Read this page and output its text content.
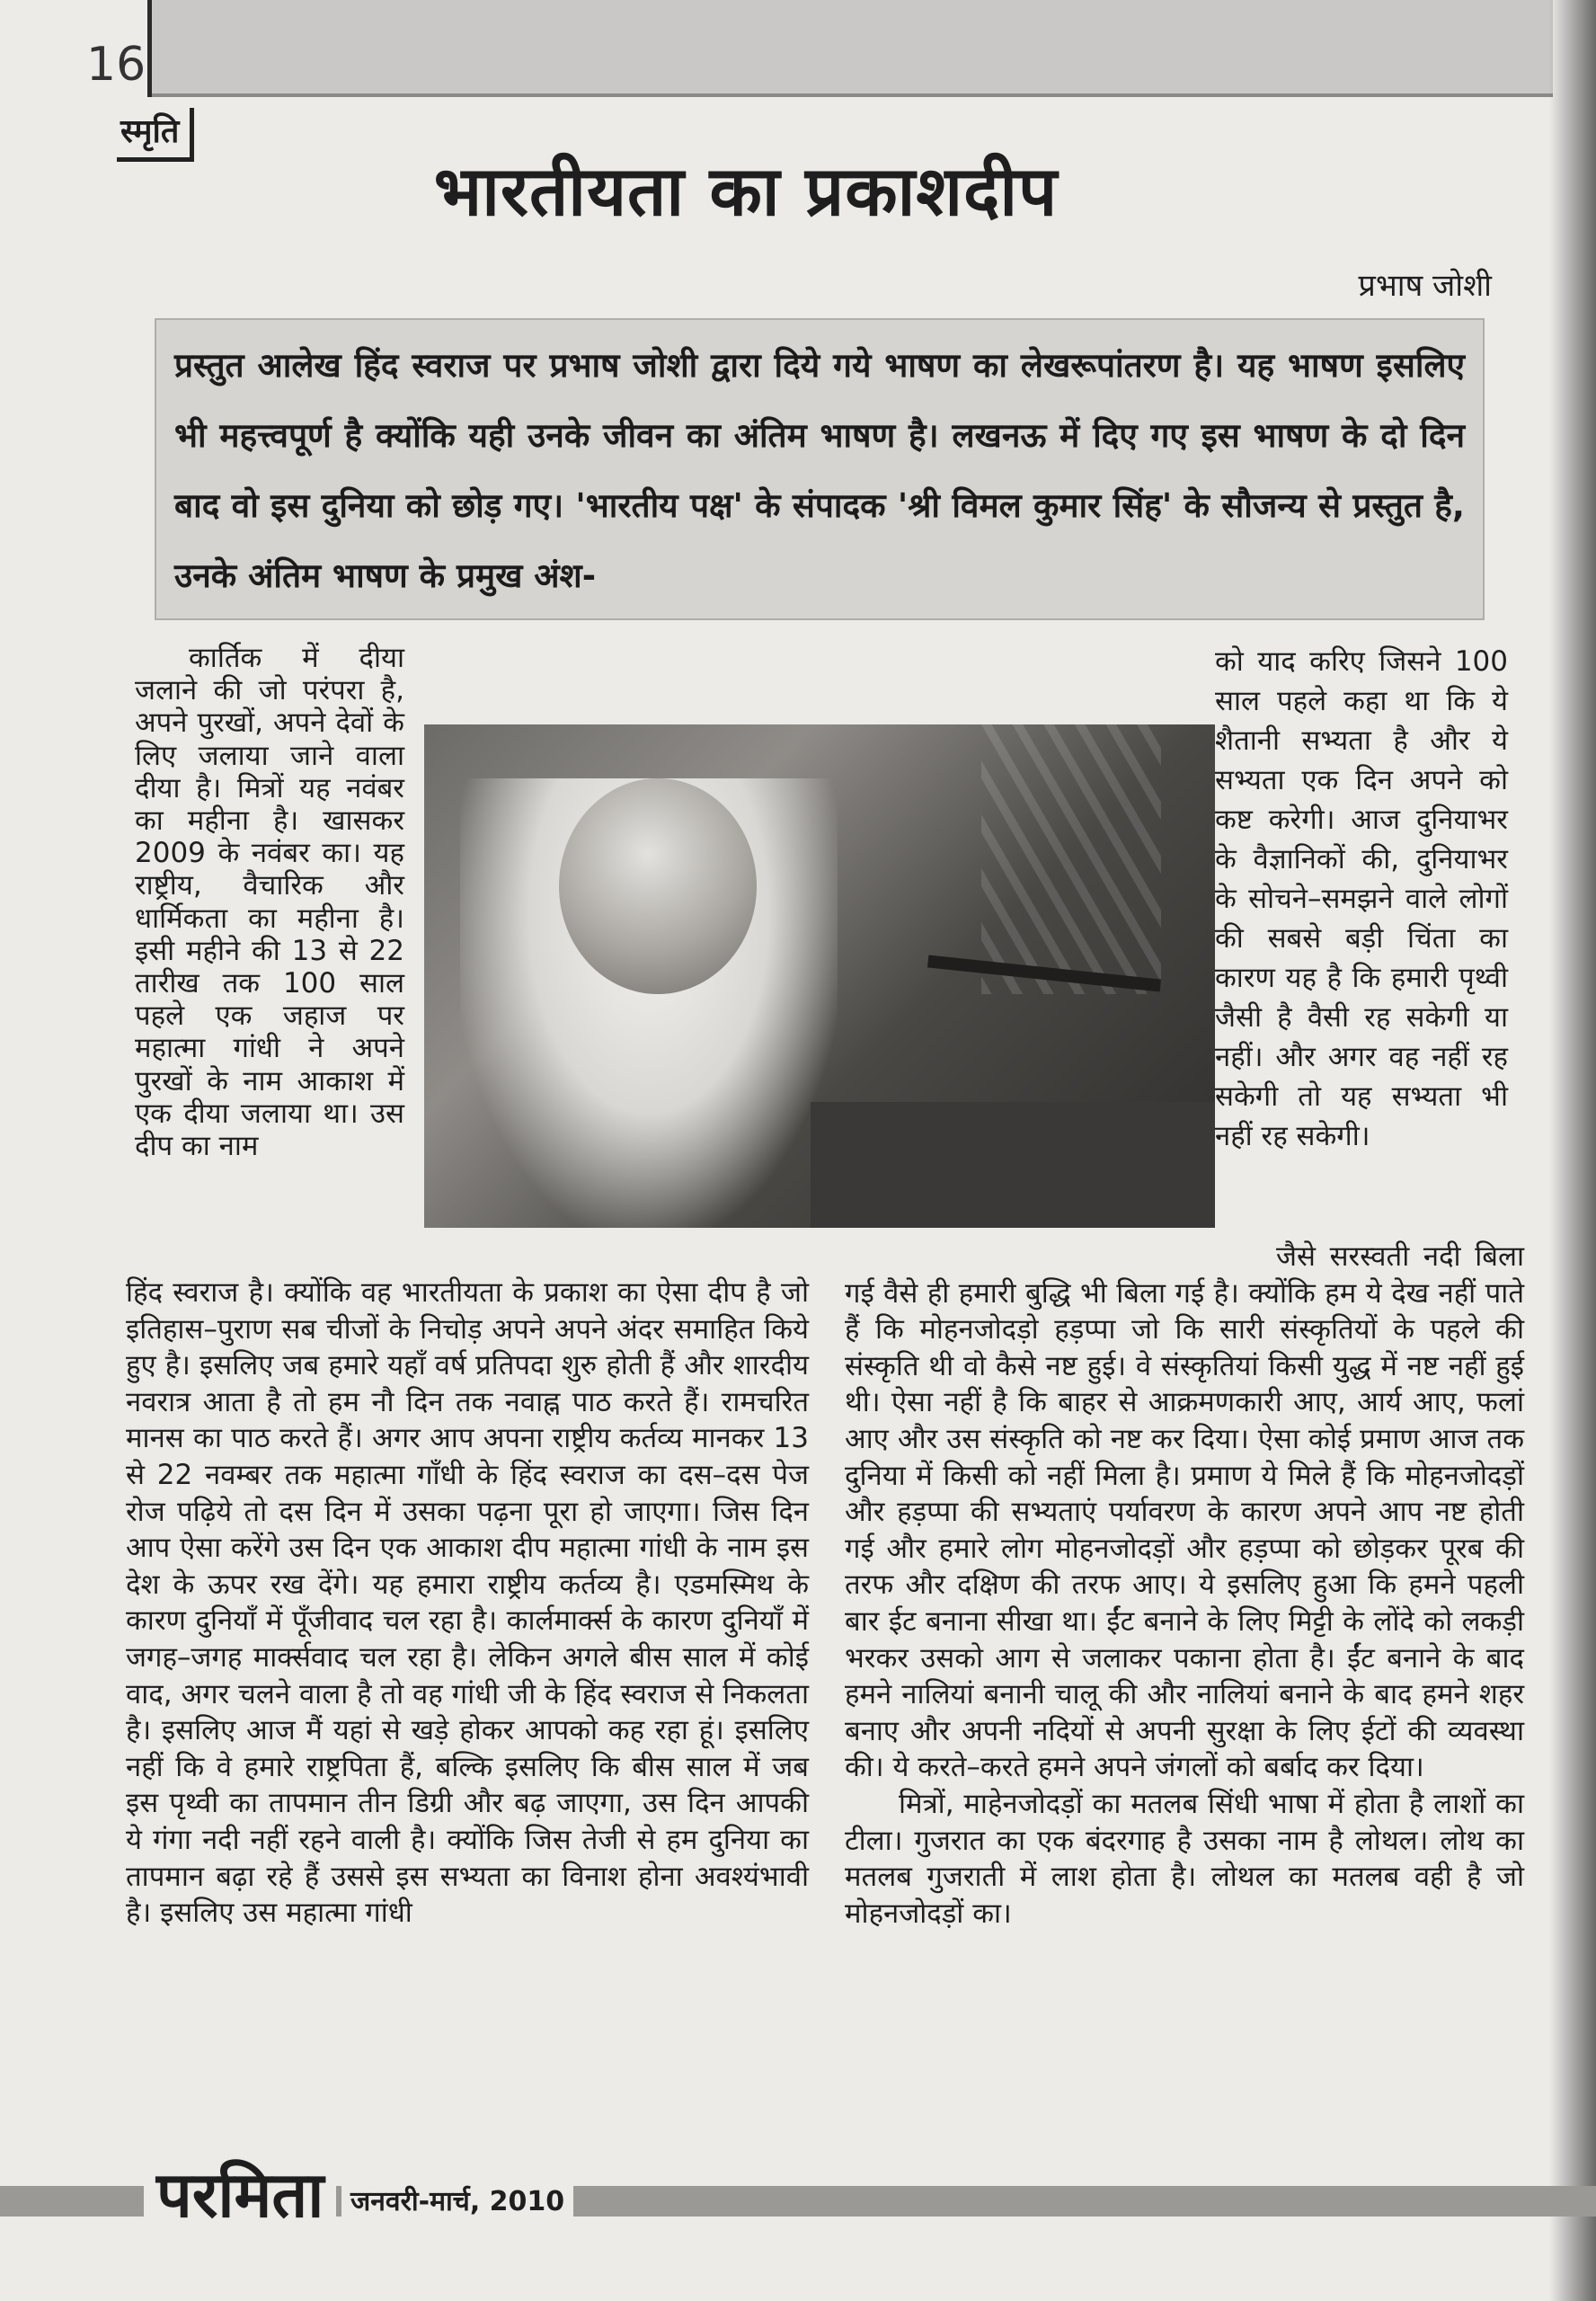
16
स्मृति
भारतीयता का प्रकाशदीप
प्रभाष जोशी
प्रस्तुत आलेख हिंद स्वराज पर प्रभाष जोशी द्वारा दिये गये भाषण का लेखरूपांतरण है। यह भाषण इसलिए भी महत्त्वपूर्ण है क्योंकि यही उनके जीवन का अंतिम भाषण है। लखनऊ में दिए गए इस भाषण के दो दिन बाद वो इस दुनिया को छोड़ गए। 'भारतीय पक्ष' के संपादक 'श्री विमल कुमार सिंह' के सौजन्य से प्रस्तुत है, उनके अंतिम भाषण के प्रमुख अंश-

कार्तिक में दीया जलाने की जो परंपरा है, अपने पुरखों, अपने देवों के लिए जलाया जाने वाला दीया है। मित्रों यह नवंबर का महीना है। खासकर 2009 के नवंबर का। यह राष्ट्रीय, वैचारिक और धार्मिकता का महीना है। इसी महीने की 13 से 22 तारीख तक 100 साल पहले एक जहाज पर महात्मा गांधी ने अपने पुरखों के नाम आकाश में एक दीया जलाया था। उस दीप का नाम

को याद करिए जिसने 100 साल पहले कहा था कि ये शैतानी सभ्यता है और ये सभ्यता एक दिन अपने को कष्ट करेगी। आज दुनियाभर के वैज्ञानिकों की, दुनियाभर के सोचने–समझने वाले लोगों की सबसे बड़ी चिंता का कारण यह है कि हमारी पृथ्वी जैसी है वैसी रह सकेगी या नहीं। और अगर वह नहीं रह सकेगी तो यह सभ्यता भी नहीं रह सकेगी।

हिंद स्वराज है। क्योंकि वह भारतीयता के प्रकाश का ऐसा दीप है जो इतिहास–पुराण सब चीजों के निचोड़ अपने अपने अंदर समाहित किये हुए है। इसलिए जब हमारे यहाँ वर्ष प्रतिपदा शुरु होती हैं और शारदीय नवरात्र आता है तो हम नौ दिन तक नवाह्न पाठ करते हैं। रामचरित मानस का पाठ करते हैं। अगर आप अपना राष्ट्रीय कर्तव्य मानकर 13 से 22 नवम्बर तक महात्मा गाँधी के हिंद स्वराज का दस–दस पेज रोज पढ़िये तो दस दिन में उसका पढ़ना पूरा हो जाएगा। जिस दिन आप ऐसा करेंगे उस दिन एक आकाश दीप महात्मा गांधी के नाम इस देश के ऊपर रख देंगे। यह हमारा राष्ट्रीय कर्तव्य है। एडमस्मिथ के कारण दुनियाँ में पूँजीवाद चल रहा है। कार्लमार्क्स के कारण दुनियाँ में जगह–जगह मार्क्सवाद चल रहा है। लेकिन अगले बीस साल में कोई वाद, अगर चलने वाला है तो वह गांधी जी के हिंद स्वराज से निकलता है। इसलिए आज मैं यहां से खड़े होकर आपको कह रहा हूं। इसलिए नहीं कि वे हमारे राष्ट्रपिता हैं, बल्कि इसलिए कि बीस साल में जब इस पृथ्वी का तापमान तीन डिग्री और बढ़ जाएगा, उस दिन आपकी ये गंगा नदी नहीं रहने वाली है। क्योंकि जिस तेजी से हम दुनिया का तापमान बढ़ा रहे हैं उससे इस सभ्यता का विनाश होना अवश्यंभावी है। इसलिए उस महात्मा गांधी

जैसे सरस्वती नदी बिला गई वैसे ही हमारी बुद्धि भी बिला गई है। क्योंकि हम ये देख नहीं पाते हैं कि मोहनजोदड़ो हड़प्पा जो कि सारी संस्कृतियों के पहले की संस्कृति थी वो कैसे नष्ट हुई। वे संस्कृतियां किसी युद्ध में नष्ट नहीं हुई थी। ऐसा नहीं है कि बाहर से आक्रमणकारी आए, आर्य आए, फलां आए और उस संस्कृति को नष्ट कर दिया। ऐसा कोई प्रमाण आज तक दुनिया में किसी को नहीं मिला है। प्रमाण ये मिले हैं कि मोहनजोदड़ों और हड़प्पा की सभ्यताएं पर्यावरण के कारण अपने आप नष्ट होती गई और हमारे लोग मोहनजोदड़ों और हड़प्पा को छोड़कर पूरब की तरफ और दक्षिण की तरफ आए। ये इसलिए हुआ कि हमने पहली बार ईट बनाना सीखा था। ईंट बनाने के लिए मिट्टी के लोंदे को लकड़ी भरकर उसको आग से जलाकर पकाना होता है। ईंट बनाने के बाद हमने नालियां बनानी चालू की और नालियां बनाने के बाद हमने शहर बनाए और अपनी नदियों से अपनी सुरक्षा के लिए ईटों की व्यवस्था की। ये करते–करते हमने अपने जंगलों को बर्बाद कर दिया।

मित्रों, माहेनजोदड़ों का मतलब सिंधी भाषा में होता है लाशों का टीला। गुजरात का एक बंदरगाह है उसका नाम है लोथल। लोथ का मतलब गुजराती में लाश होता है। लोथल का मतलब वही है जो मोहनजोदड़ों का।

परमिता जनवरी-मार्च, 2010
